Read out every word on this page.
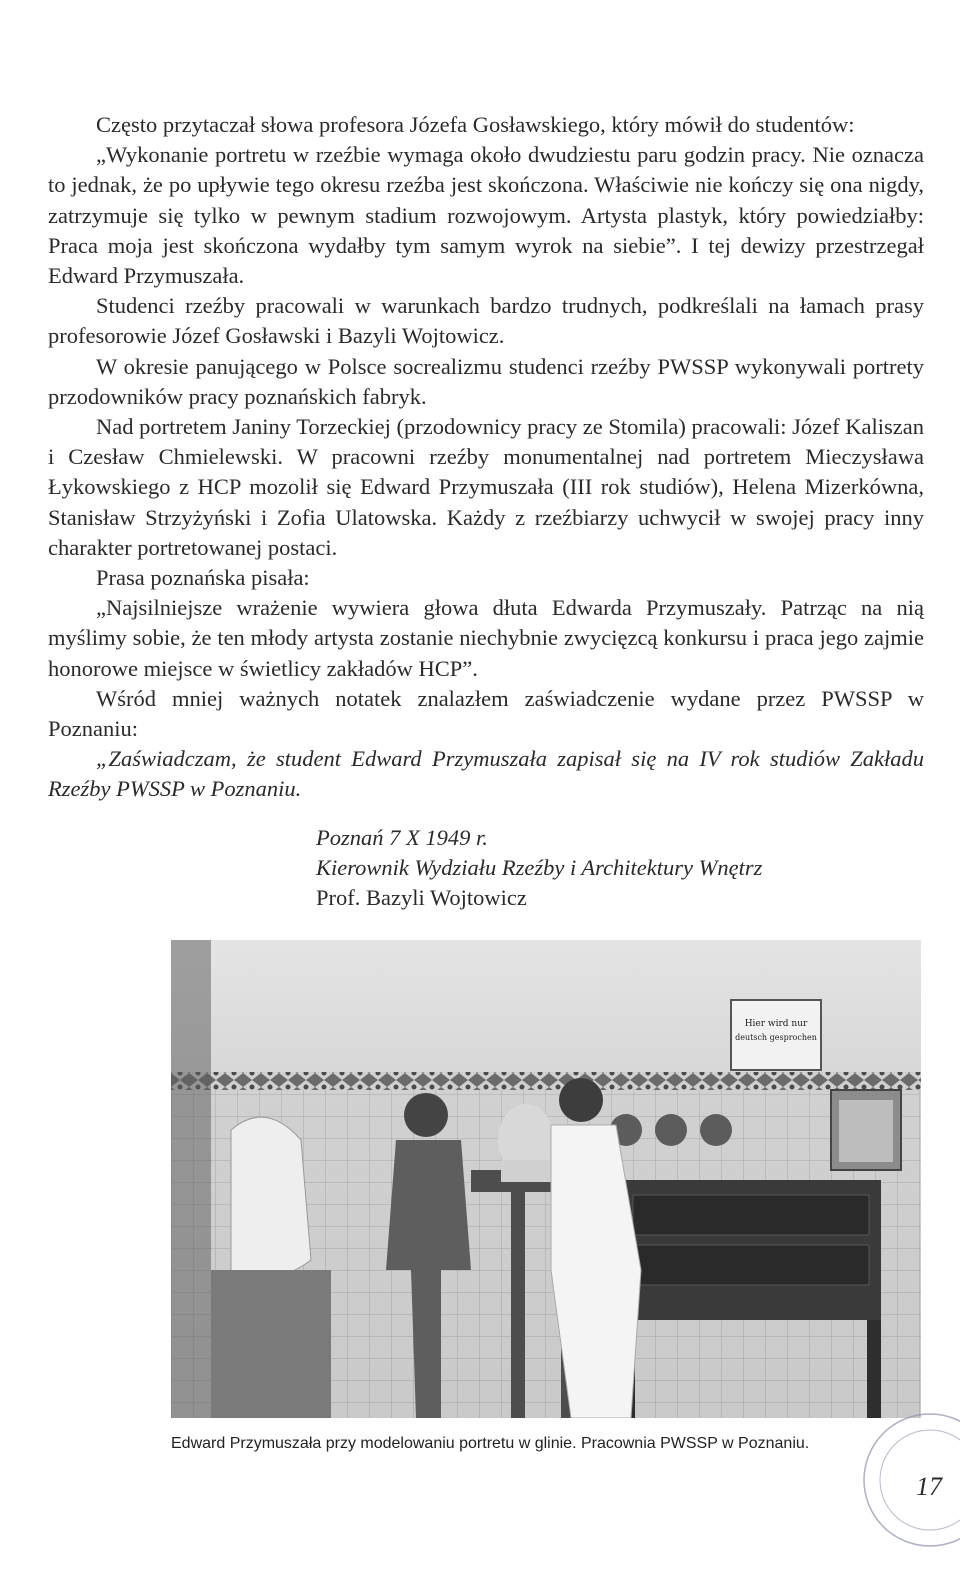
Często przytaczał słowa profesora Józefa Gosławskiego, który mówił do studentów:

„Wykonanie portretu w rzeźbie wymaga około dwudziestu paru godzin pracy. Nie oznacza to jednak, że po upływie tego okresu rzeźba jest skończona. Właściwie nie kończy się ona nigdy, zatrzymuje się tylko w pewnym stadium rozwojowym. Artysta plastyk, który powiedziałby: Praca moja jest skończona wydałby tym samym wyrok na siebie”. I tej dewizy przestrzegał Edward Przymuszała.

Studenci rzeźby pracowali w warunkach bardzo trudnych, podkreślali na łamach prasy profesorowie Józef Gosławski i Bazyli Wojtowicz.

W okresie panującego w Polsce socrealizmu studenci rzeźby PWSSP wykonywali portrety przodowników pracy poznańskich fabryk.

Nad portretem Janiny Torzeckiej (przodownicy pracy ze Stomila) pracowali: Józef Kaliszan i Czesław Chmielewski. W pracowni rzeźby monumentalnej nad portretem Mieczysława Łykowskiego z HCP mozolił się Edward Przymuszała (III rok studiów), Helena Mizerkówna, Stanisław Strzyżyński i Zofia Ulatowska. Każdy z rzeźbiarzy uchwycił w swojej pracy inny charakter portretowanej postaci.

Prasa poznańska pisała:

„Najsilniejsze wrażenie wywiera głowa dłuta Edwarda Przymuszały. Patrząc na nią myślimy sobie, że ten młody artysta zostanie niechybnie zwycięzcą konkursu i praca jego zajmie honorowe miejsce w świetlicy zakładów HCP”.

Wśród mniej ważnych notatek znalazłem zaświadczenie wydane przez PWSSP w Poznaniu:

„Zaświadczam, że student Edward Przymuszała zapisał się na IV rok studiów Zakładu Rzeźby PWSSP w Poznaniu.

Poznań 7 X 1949 r.
Kierownik Wydziału Rzeźby i Architektury Wnętrz
Prof. Bazyli Wojtowicz
Hier wird nur
deutsch gesprochen
Edward Przymuszała przy modelowaniu portretu w glinie. Pracownia PWSSP w Poznaniu.
17
